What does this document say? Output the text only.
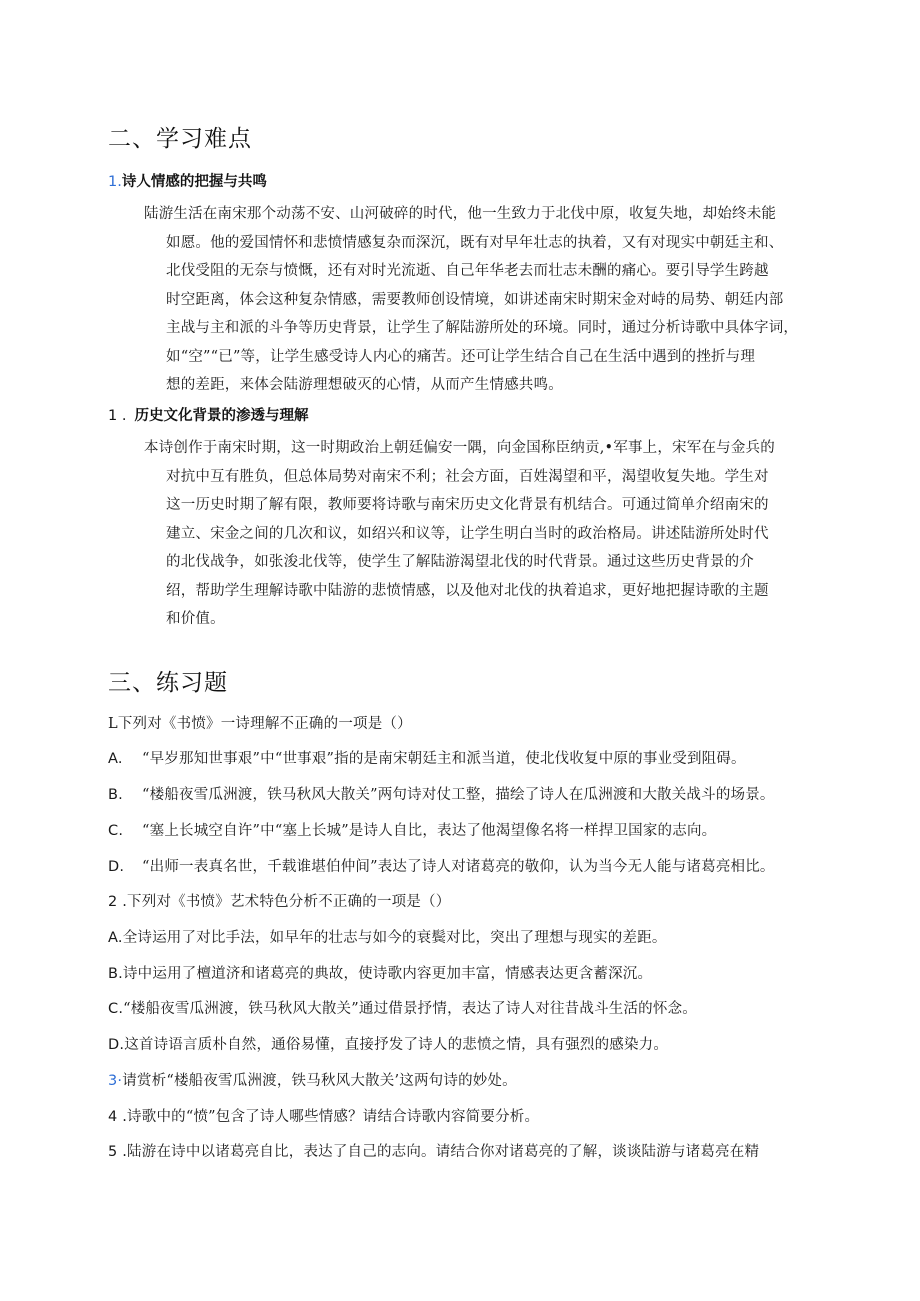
二、学习难点
1.诗人情感的把握与共鸣

陆游生活在南宋那个动荡不安、山河破碎的时代，他一生致力于北伐中原，收复失地，却始终未能

如愿。他的爱国情怀和悲愤情感复杂而深沉，既有对早年壮志的执着，又有对现实中朝廷主和、

北伐受阻的无奈与愤慨，还有对时光流逝、自己年华老去而壮志未酬的痛心。要引导学生跨越

时空距离，体会这种复杂情感，需要教师创设情境，如讲述南宋时期宋金对峙的局势、朝廷内部

主战与主和派的斗争等历史背景，让学生了解陆游所处的环境。同时，通过分析诗歌中具体字词，

如“空”“已”等，让学生感受诗人内心的痛苦。还可让学生结合自己在生活中遇到的挫折与理

想的差距，来体会陆游理想破灭的心情，从而产生情感共鸣。

1 . 历史文化背景的渗透与理解

本诗创作于南宋时期，这一时期政治上朝廷偏安一隅，向金国称臣纳贡,•军事上，宋军在与金兵的

对抗中互有胜负，但总体局势对南宋不利；社会方面，百姓渴望和平，渴望收复失地。学生对

这一历史时期了解有限，教师要将诗歌与南宋历史文化背景有机结合。可通过简单介绍南宋的

建立、宋金之间的几次和议，如绍兴和议等，让学生明白当时的政治格局。讲述陆游所处时代

的北伐战争，如张浚北伐等，使学生了解陆游渴望北伐的时代背景。通过这些历史背景的介

绍，帮助学生理解诗歌中陆游的悲愤情感，以及他对北伐的执着追求，更好地把握诗歌的主题

和价值。

三、练习题
L下列对《书愤》一诗理解不正确的一项是（）
A. “早岁那知世事艰”中“世事艰”指的是南宋朝廷主和派当道，使北伐收复中原的事业受到阻碍。
B. “楼船夜雪瓜洲渡，铁马秋风大散关”两句诗对仗工整，描绘了诗人在瓜洲渡和大散关战斗的场景。
C. “塞上长城空自许”中“塞上长城”是诗人自比，表达了他渴望像名将一样捍卫国家的志向。
D. “出师一表真名世，千载谁堪伯仲间”表达了诗人对诸葛亮的敬仰，认为当今无人能与诸葛亮相比。
2 .下列对《书愤》艺术特色分析不正确的一项是（）
A.全诗运用了对比手法，如早年的壮志与如今的衰鬓对比，突出了理想与现实的差距。
B.诗中运用了檀道济和诸葛亮的典故，使诗歌内容更加丰富，情感表达更含蓄深沉。
C.“楼船夜雪瓜洲渡，铁马秋风大散关”通过借景抒情，表达了诗人对往昔战斗生活的怀念。
D.这首诗语言质朴自然，通俗易懂，直接抒发了诗人的悲愤之情，具有强烈的感染力。
3·请赏析“楼船夜雪瓜洲渡，铁马秋风大散关’这两句诗的妙处。
4 .诗歌中的“愤”包含了诗人哪些情感？请结合诗歌内容简要分析。
5 .陆游在诗中以诸葛亮自比，表达了自己的志向。请结合你对诸葛亮的了解，谈谈陆游与诸葛亮在精
